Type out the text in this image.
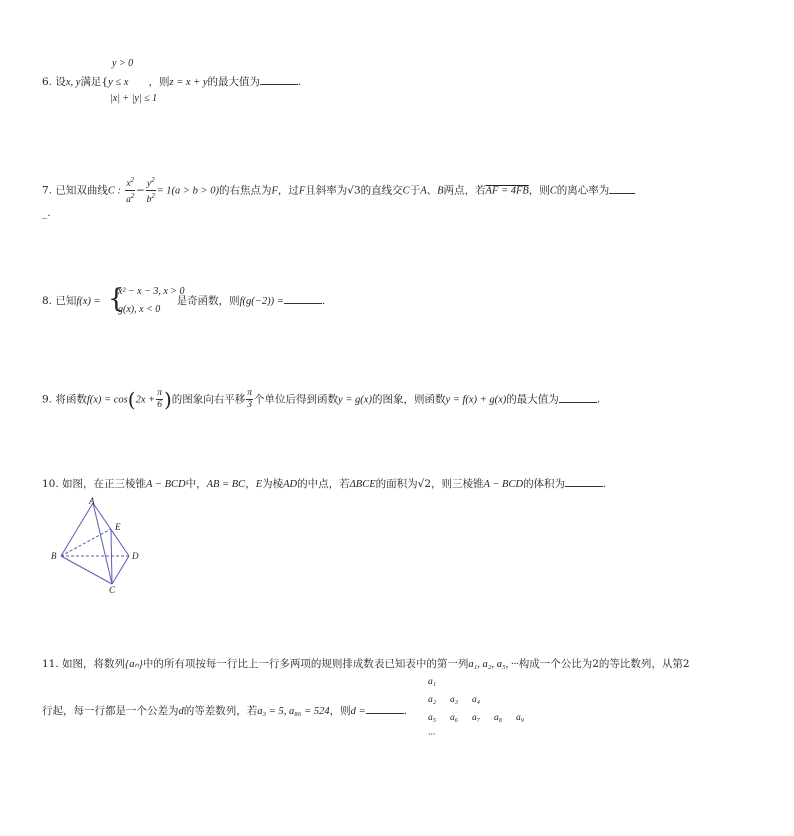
y > 0
6. 设x, y满足{y ≤ x ，则z = x + y的最大值为	.
|x| + |y| ≤ 1
7. 已知双曲线C : $\frac{x^2}{a^2} - \frac{y^2}{b^2} = 1(a > b > 0)$的右焦点为F，过F且斜率为√3的直线交C于A、B两点，若AF = 4FB，则C的离心率为
_.
8. 已知f(x) =	是奇函数，则f(g(−2)) =	.
{
x² − x − 3, x > 0
g(x), x < 0
9. 将函数$f(x) = \cos(2x + \frac{\pi}{6}$ )的图象向右平移 $\frac{\pi}{3}$ 个单位后得到函数y = g(x)的图象，则函数y = f(x) + g(x)的最大值为	.
10. 如图，在正三棱锥A − BCD中，AB = BC，E为棱AD的中点，若ΔBCE的面积为√2，则三棱锥A − BCD的体积为	.
A
B
C
D
E
11. 如图，将数列{aₙ}中的所有项按每一行比上一行多两项的规则排成数表已知表中的第一列a₁, a₂, a₅, ···构成一个公比为2的等比数列，从第2
行起，每一行都是一个公差为d的等差数列，若a₃ = 5, a₈₆ = 524，则d =	.
a₁
a₂ a₃ a₄
a₅ a₆ a₇ a₈ a₉
···
